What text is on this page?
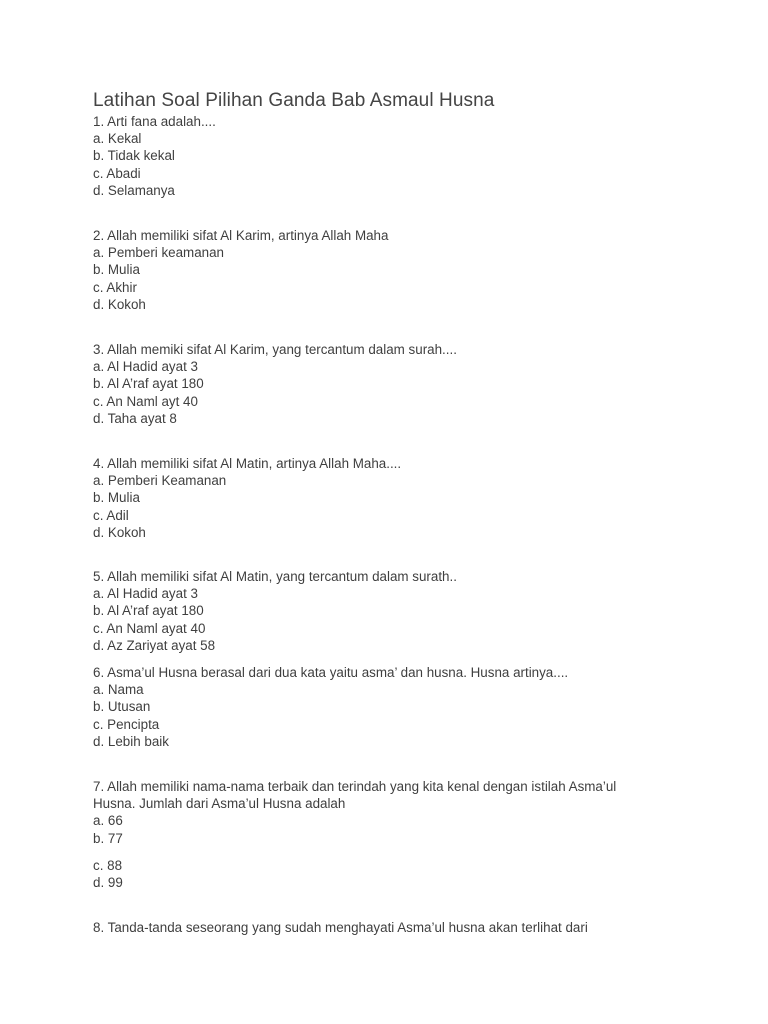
Latihan Soal Pilihan Ganda Bab Asmaul Husna
1. Arti fana adalah....
a. Kekal
b. Tidak kekal
c. Abadi
d. Selamanya
2. Allah memiliki sifat Al Karim, artinya Allah Maha
a. Pemberi keamanan
b. Mulia
c. Akhir
d. Kokoh
3. Allah memiki sifat Al Karim, yang tercantum dalam surah....
a. Al Hadid ayat 3
b. Al A’raf ayat 180
c. An Naml ayt 40
d. Taha ayat 8
4. Allah memiliki sifat Al Matin, artinya Allah Maha....
a. Pemberi Keamanan
b. Mulia
c. Adil
d. Kokoh
5. Allah memiliki sifat Al Matin, yang tercantum dalam surath..
a. Al Hadid ayat 3
b. Al A’raf ayat 180
c. An Naml ayat 40
d. Az Zariyat ayat 58
6. Asma’ul Husna berasal dari dua kata yaitu asma’ dan husna. Husna artinya....
a. Nama
b. Utusan
c. Pencipta
d. Lebih baik
7. Allah memiliki nama-nama terbaik dan terindah yang kita kenal dengan istilah Asma’ul
Husna. Jumlah dari Asma’ul Husna adalah
a. 66
b. 77
c. 88
d. 99
8. Tanda-tanda seseorang yang sudah menghayati Asma’ul husna akan terlihat dari
